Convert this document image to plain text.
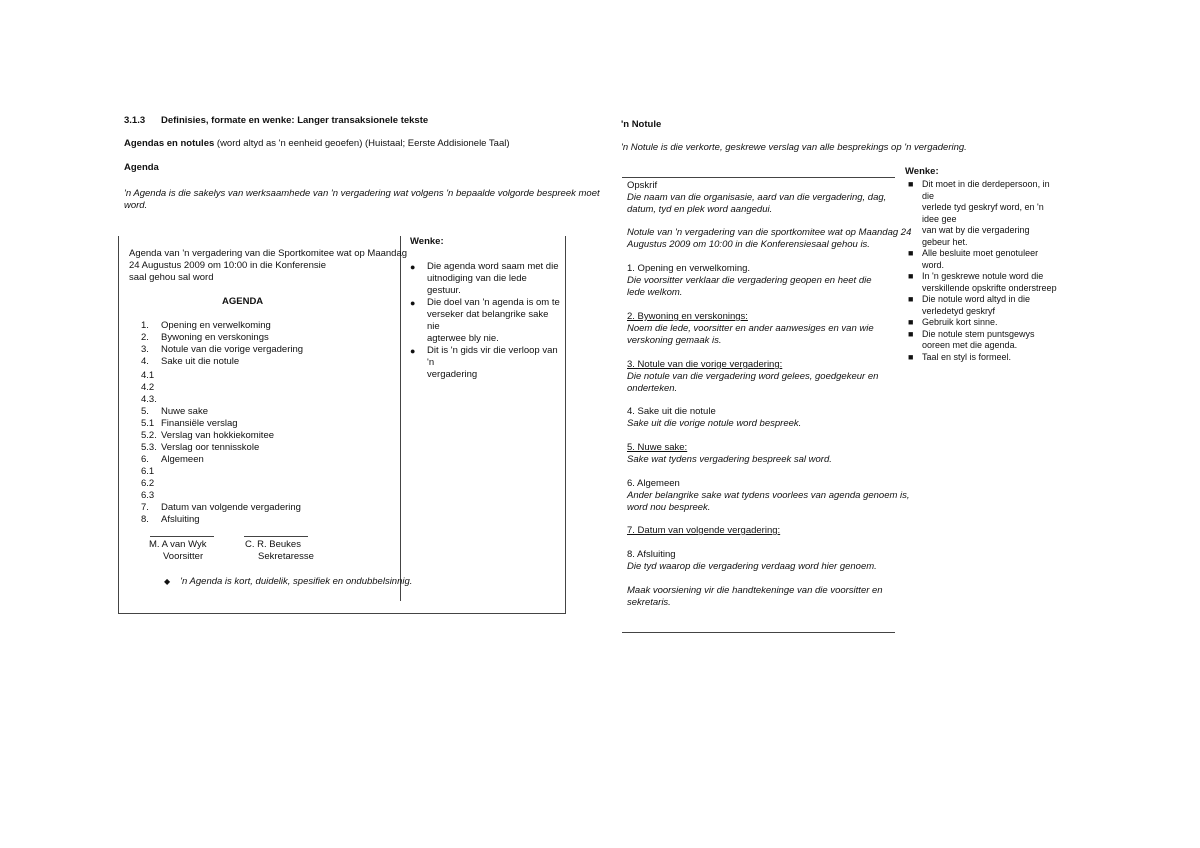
3.1.3 Definisies, formate en wenke: Langer transaksionele tekste
Agendas en notules (word altyd as 'n eenheid geoefen) (Huistaal; Eerste Addisionele Taal)
Agenda
'n Agenda is die sakelys van werksaamhede van 'n vergadering wat volgens 'n bepaalde volgorde bespreek moet
word.
Agenda van 'n vergadering van die Sportkomitee wat op Maandag
24 Augustus 2009 om 10:00 in die Konferensie
saal gehou sal word
AGENDA
1. Opening en verwelkoming
2. Bywoning en verskonings
3. Notule van die vorige vergadering
4. Sake uit die notule
4.1
4.2
4.3.
5. Nuwe sake
5.1 Finansiële verslag
5.2. Verslag van hokkiekomitee
5.3. Verslag oor tennisskole
6. Algemeen
6.1
6.2
6.3
7. Datum van volgende vergadering
8. Afsluiting
M. A van Wyk
Voorsitter
C. R. Beukes
Sekretaresse
◆ 'n Agenda is kort, duidelik, spesifiek en ondubbelsinnig.
Wenke:
● Die agenda word saam met die
uitnodiging van die lede gestuur.
● Die doel van 'n agenda is om te
verseker dat belangrike sake nie
agterwee bly nie.
● Dit is 'n gids vir die verloop van 'n
vergadering
'n Notule
'n Notule is die verkorte, geskrewe verslag van alle besprekings op 'n vergadering.
Opskrif
Die naam van die organisasie, aard van die vergadering, dag,
datum, tyd en plek word aangedui.
Notule van 'n vergadering van die sportkomitee wat op Maandag 24
Augustus 2009 om 10:00 in die Konferensiesaal gehou is.
1. Opening en verwelkoming.
Die voorsitter verklaar die vergadering geopen en heet die
lede welkom.
2. Bywoning en verskonings:
Noem die lede, voorsitter en ander aanwesiges en van wie
verskoning gemaak is.
3. Notule van die vorige vergadering:
Die notule van die vergadering word gelees, goedgekeur en
onderteken.
4. Sake uit die notule
Sake uit die vorige notule word bespreek.
5. Nuwe sake:
Sake wat tydens vergadering bespreek sal word.
6. Algemeen
Ander belangrike sake wat tydens voorlees van agenda genoem is,
word nou bespreek.
7. Datum van volgende vergadering:
8. Afsluiting
Die tyd waarop die vergadering verdaag word hier genoem.
Maak voorsiening vir die handtekeninge van die voorsitter en
sekretaris.
Wenke:
■ Dit moet in die derdepersoon, in die
verlede tyd geskryf word, en 'n idee gee
van wat by die vergadering
gebeur het.
■ Alle besluite moet genotuleer
word.
■ In 'n geskrewe notule word die
verskillende opskrifte onderstreep
■ Die notule word altyd in die
verledetyd geskryf
■ Gebruik kort sinne.
■ Die notule stem puntsgewys
ooreen met die agenda.
■ Taal en styl is formeel.
